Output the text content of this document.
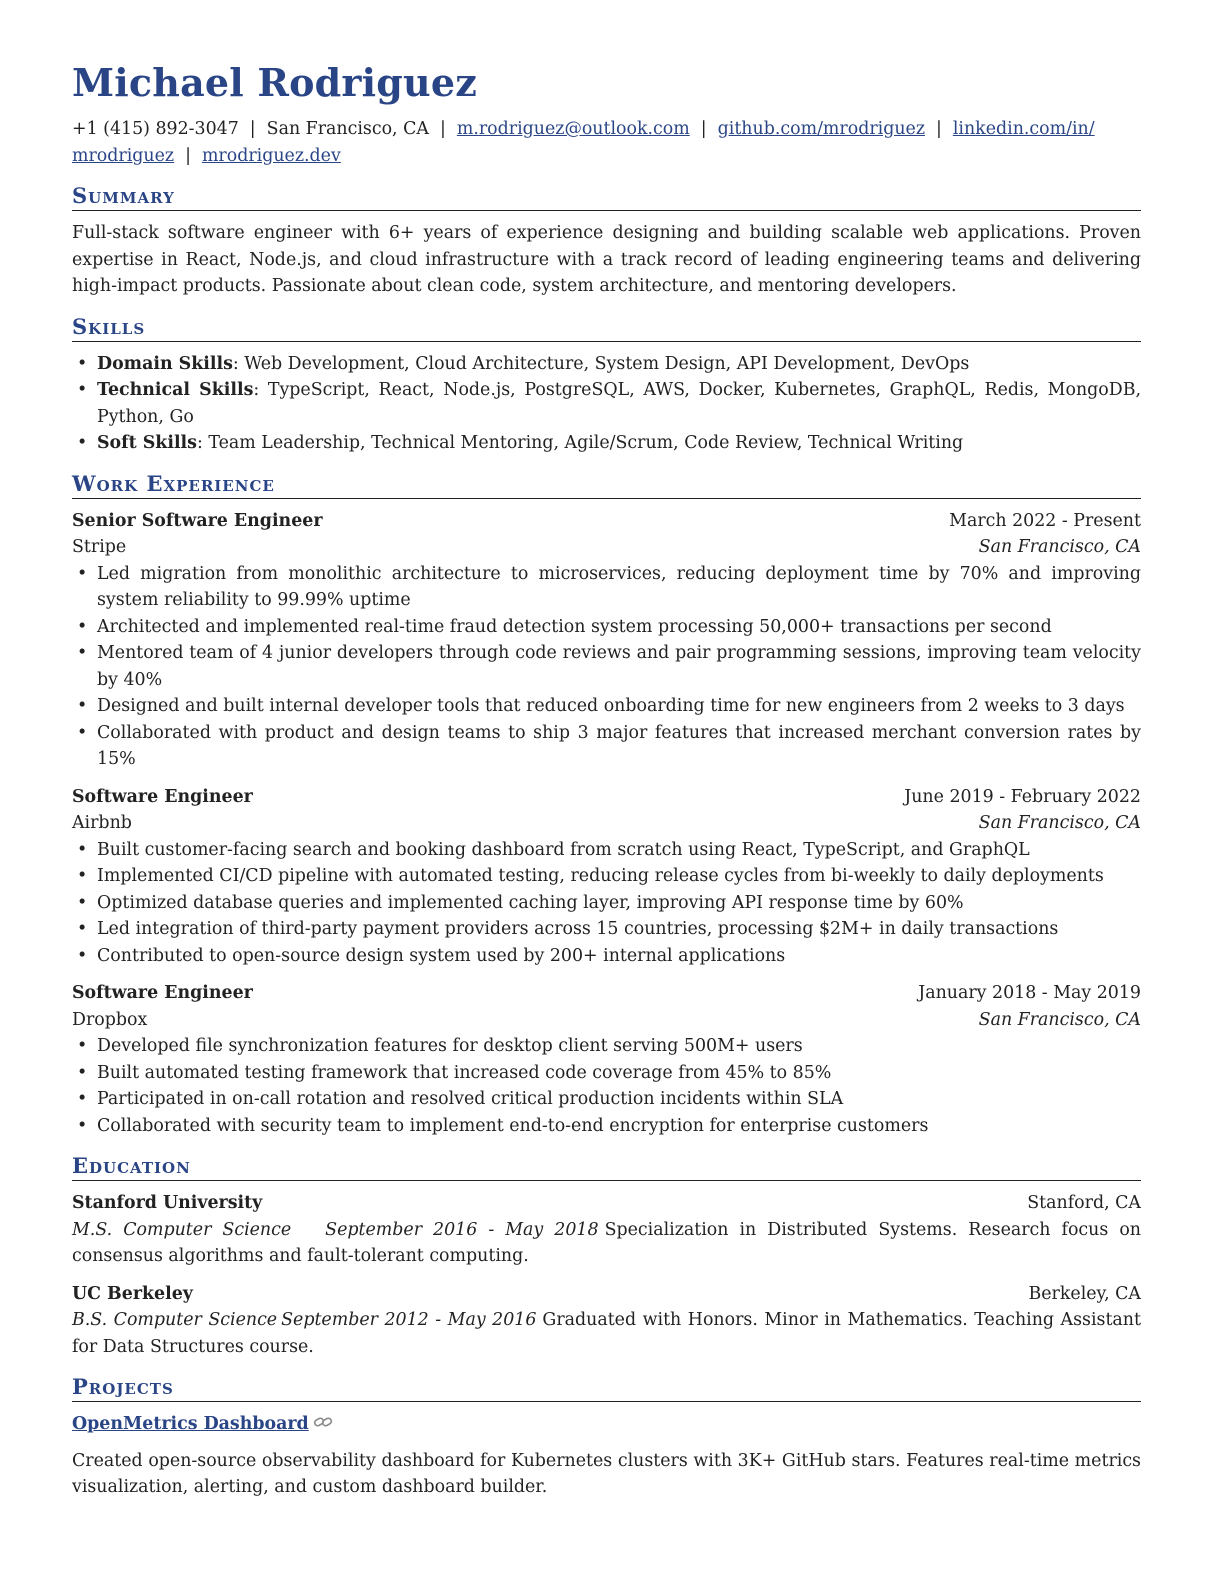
Michael Rodriguez
+1 (415) 892-3047 | San Francisco, CA | m.rodriguez@outlook.com | github.com/mrodriguez | linkedin.com/in/
mrodriguez | mrodriguez.dev
Summary

Full-stack software engineer with 6+ years of experience designing and building scalable web applications. Proven expertise in React, Node.js, and cloud infrastructure with a track record of leading engineering teams and delivering high-impact products. Passionate about clean code, system architecture, and mentoring developers.

Skills
• Domain Skills: Web Development, Cloud Architecture, System Design, API Development, DevOps
• Technical Skills: TypeScript, React, Node.js, PostgreSQL, AWS, Docker, Kubernetes, GraphQL, Redis, MongoDB, Python, Go
• Soft Skills: Team Leadership, Technical Mentoring, Agile/Scrum, Code Review, Technical Writing
Work Experience
Senior Software Engineer	March 2022 - Present
Stripe	San Francisco, CA
• Led migration from monolithic architecture to microservices, reducing deployment time by 70% and improving system reliability to 99.99% uptime
• Architected and implemented real-time fraud detection system processing 50,000+ transactions per second
• Mentored team of 4 junior developers through code reviews and pair programming sessions, improving team velocity by 40%
• Designed and built internal developer tools that reduced onboarding time for new engineers from 2 weeks to 3 days
• Collaborated with product and design teams to ship 3 major features that increased merchant conversion rates by 15%
Software Engineer	June 2019 - February 2022
Airbnb	San Francisco, CA
• Built customer-facing search and booking dashboard from scratch using React, TypeScript, and GraphQL
• Implemented CI/CD pipeline with automated testing, reducing release cycles from bi-weekly to daily deployments
• Optimized database queries and implemented caching layer, improving API response time by 60%
• Led integration of third-party payment providers across 15 countries, processing $2M+ in daily transactions
• Contributed to open-source design system used by 200+ internal applications
Software Engineer	January 2018 - May 2019
Dropbox	San Francisco, CA
• Developed file synchronization features for desktop client serving 500M+ users
• Built automated testing framework that increased code coverage from 45% to 85%
• Participated in on-call rotation and resolved critical production incidents within SLA
• Collaborated with security team to implement end-to-end encryption for enterprise customers
Education
Stanford University	Stanford, CA

M.S. Computer Science September 2016 - May 2018 Specialization in Distributed Systems. Research focus on consensus algorithms and fault-tolerant computing.

UC Berkeley	Berkeley, CA

B.S. Computer Science September 2012 - May 2016 Graduated with Honors. Minor in Mathematics. Teaching Assistant for Data Structures course.

Projects
OpenMetrics Dashboard

Created open-source observability dashboard for Kubernetes clusters with 3K+ GitHub stars. Features real-time metrics visualization, alerting, and custom dashboard builder.
